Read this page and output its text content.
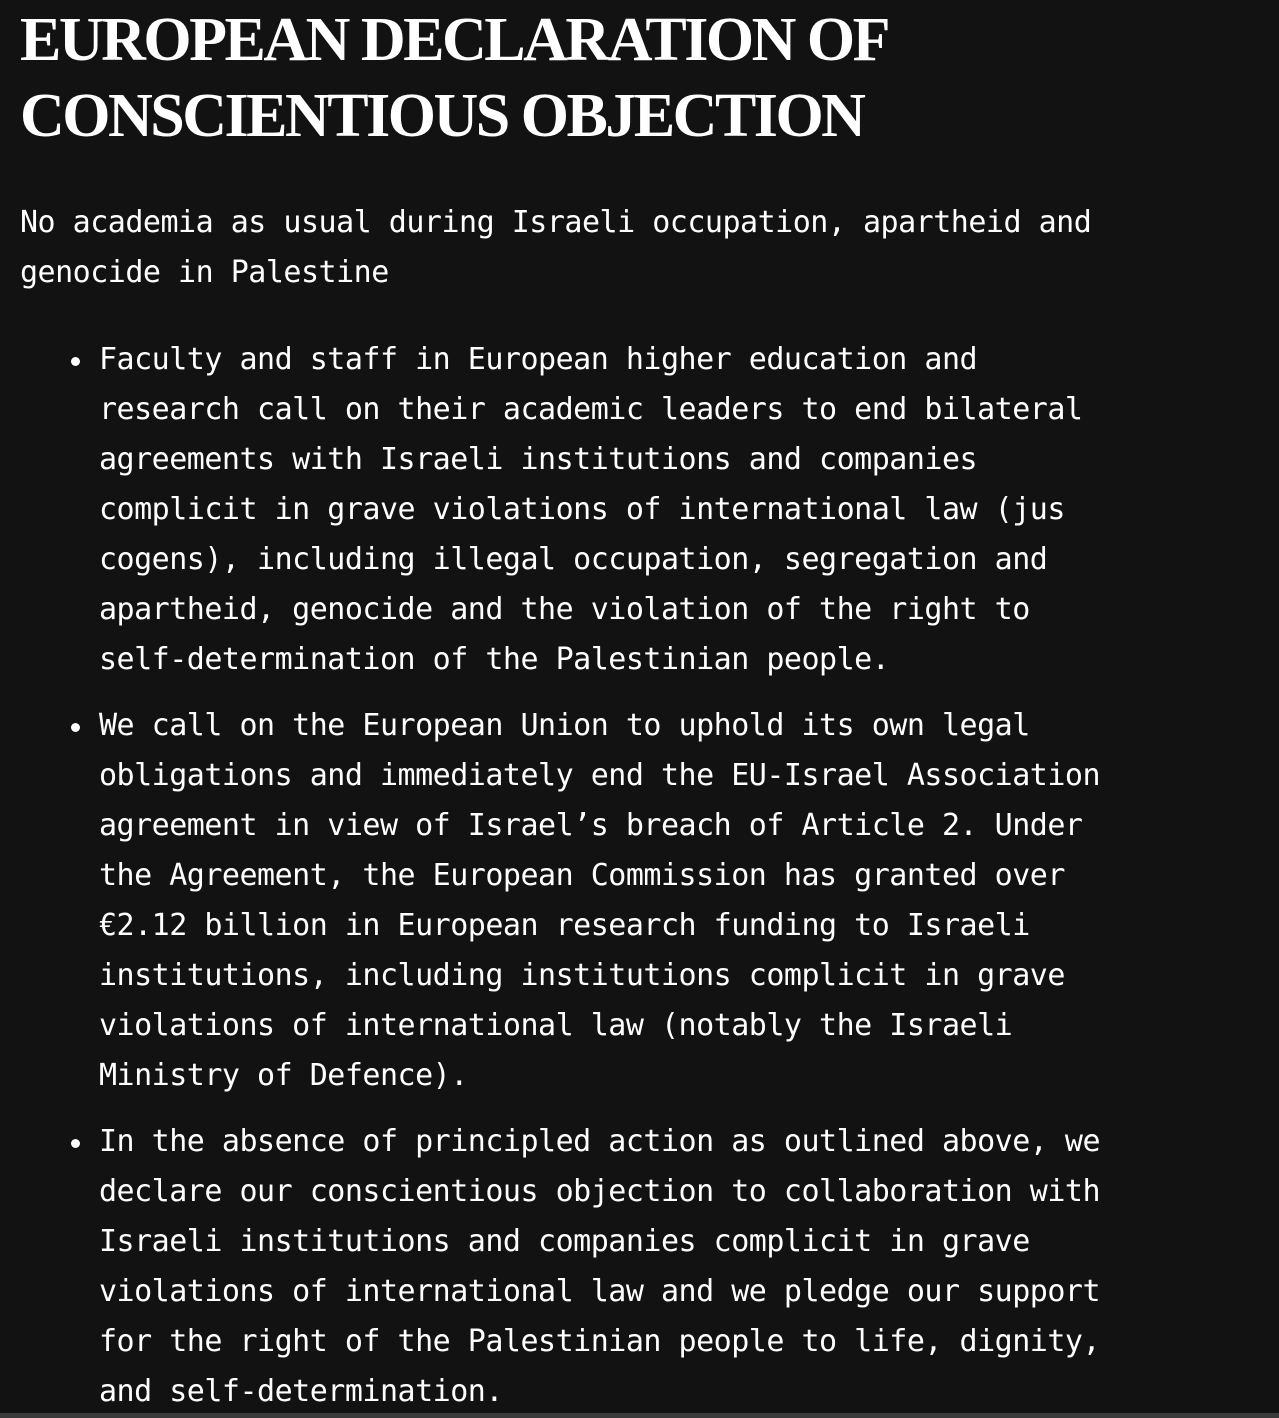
EUROPEAN DECLARATION OF
CONSCIENTIOUS OBJECTION

No academia as usual during Israeli occupation, apartheid and
genocide in Palestine

Faculty and staff in European higher education and
research call on their academic leaders to end bilateral
agreements with Israeli institutions and companies
complicit in grave violations of international law (jus
cogens), including illegal occupation, segregation and
apartheid, genocide and the violation of the right to
self-determination of the Palestinian people.
We call on the European Union to uphold its own legal
obligations and immediately end the EU-Israel Association
agreement in view of Israel’s breach of Article 2. Under
the Agreement, the European Commission has granted over
€2.12 billion in European research funding to Israeli
institutions, including institutions complicit in grave
violations of international law (notably the Israeli
Ministry of Defence).
In the absence of principled action as outlined above, we
declare our conscientious objection to collaboration with
Israeli institutions and companies complicit in grave
violations of international law and we pledge our support
for the right of the Palestinian people to life, dignity,
and self-determination.
